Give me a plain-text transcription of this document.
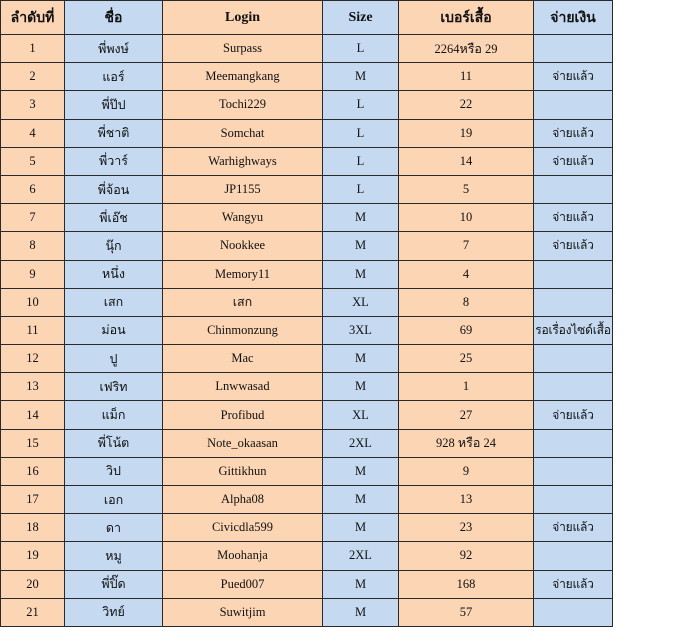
ลำดับที่	ชื่อ	Login	Size	เบอร์เสื้อ	จ่ายเงิน
1	พี่พงษ์	Surpass	L	2264หรือ 29	
2	แอร์	Meemangkang	M	11	จ่ายแล้ว
3	พี่ป๊ป	Tochi229	L	22	
4	พี่ชาติ	Somchat	L	19	จ่ายแล้ว
5	พี่วาร์	Warhighways	L	14	จ่ายแล้ว
6	พี่จ้อน	JP1155	L	5	
7	พี่เอ๊ช	Wangyu	M	10	จ่ายแล้ว
8	นุ๊ก	Nookkee	M	7	จ่ายแล้ว
9	หนึ่ง	Memory11	M	4	
10	เสก	เสก	XL	8	
11	ม่อน	Chinmonzung	3XL	69	รอเรื่องไซด์เสื้อ
12	ปู	Mac	M	25	
13	เฟริท	Lnwwasad	M	1	
14	แม็ก	Profibud	XL	27	จ่ายแล้ว
15	พี่โน้ต	Note_okaasan	2XL	928 หรือ 24	
16	วิป	Gittikhun	M	9	
17	เอก	Alpha08	M	13	
18	ดา	Civicdla599	M	23	จ่ายแล้ว
19	หมู	Moohanja	2XL	92	
20	พี่ปิ๊ด	Pued007	M	168	จ่ายแล้ว
21	วิทย์	Suwitjim	M	57	
